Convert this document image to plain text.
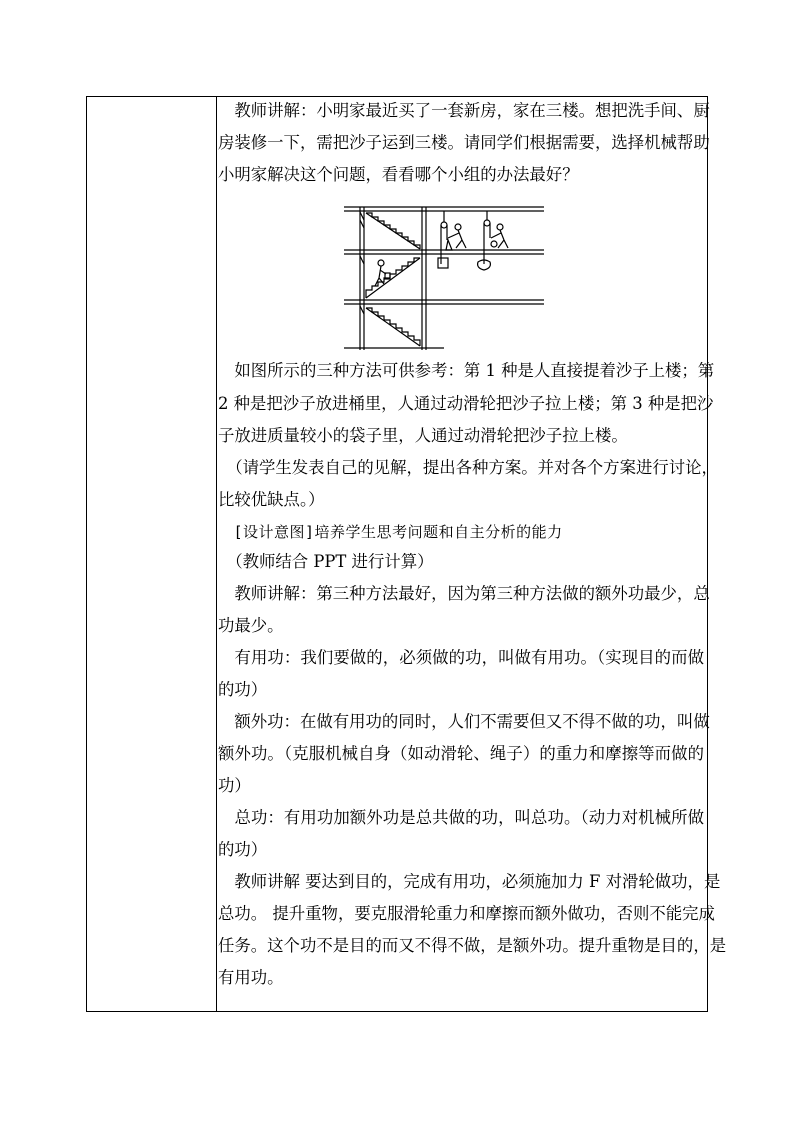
　教师讲解：小明家最近买了一套新房，家在三楼。想把洗手间、厨
房装修一下，需把沙子运到三楼。请同学们根据需要，选择机械帮助
小明家解决这个问题，看看哪个小组的办法最好？
　如图所示的三种方法可供参考：第 1 种是人直接提着沙子上楼；第
2 种是把沙子放进桶里，人通过动滑轮把沙子拉上楼；第 3 种是把沙
子放进质量较小的袋子里，人通过动滑轮把沙子拉上楼。
　（请学生发表自己的见解，提出各种方案。并对各个方案进行讨论，
比较优缺点。）
　[设计意图]培养学生思考问题和自主分析的能力
　（教师结合 PPT 进行计算）
　教师讲解：第三种方法最好，因为第三种方法做的额外功最少，总
功最少。
　有用功：我们要做的，必须做的功，叫做有用功。（实现目的而做
的功）
　额外功：在做有用功的同时，人们不需要但又不得不做的功，叫做
额外功。（克服机械自身（如动滑轮、绳子）的重力和摩擦等而做的
功）
　总功：有用功加额外功是总共做的功，叫总功。（动力对机械所做
的功）
　教师讲解 要达到目的，完成有用功，必须施加力 F 对滑轮做功，是
总功。 提升重物，要克服滑轮重力和摩擦而额外做功，否则不能完成
任务。这个功不是目的而又不得不做，是额外功。提升重物是目的，是
有用功。
